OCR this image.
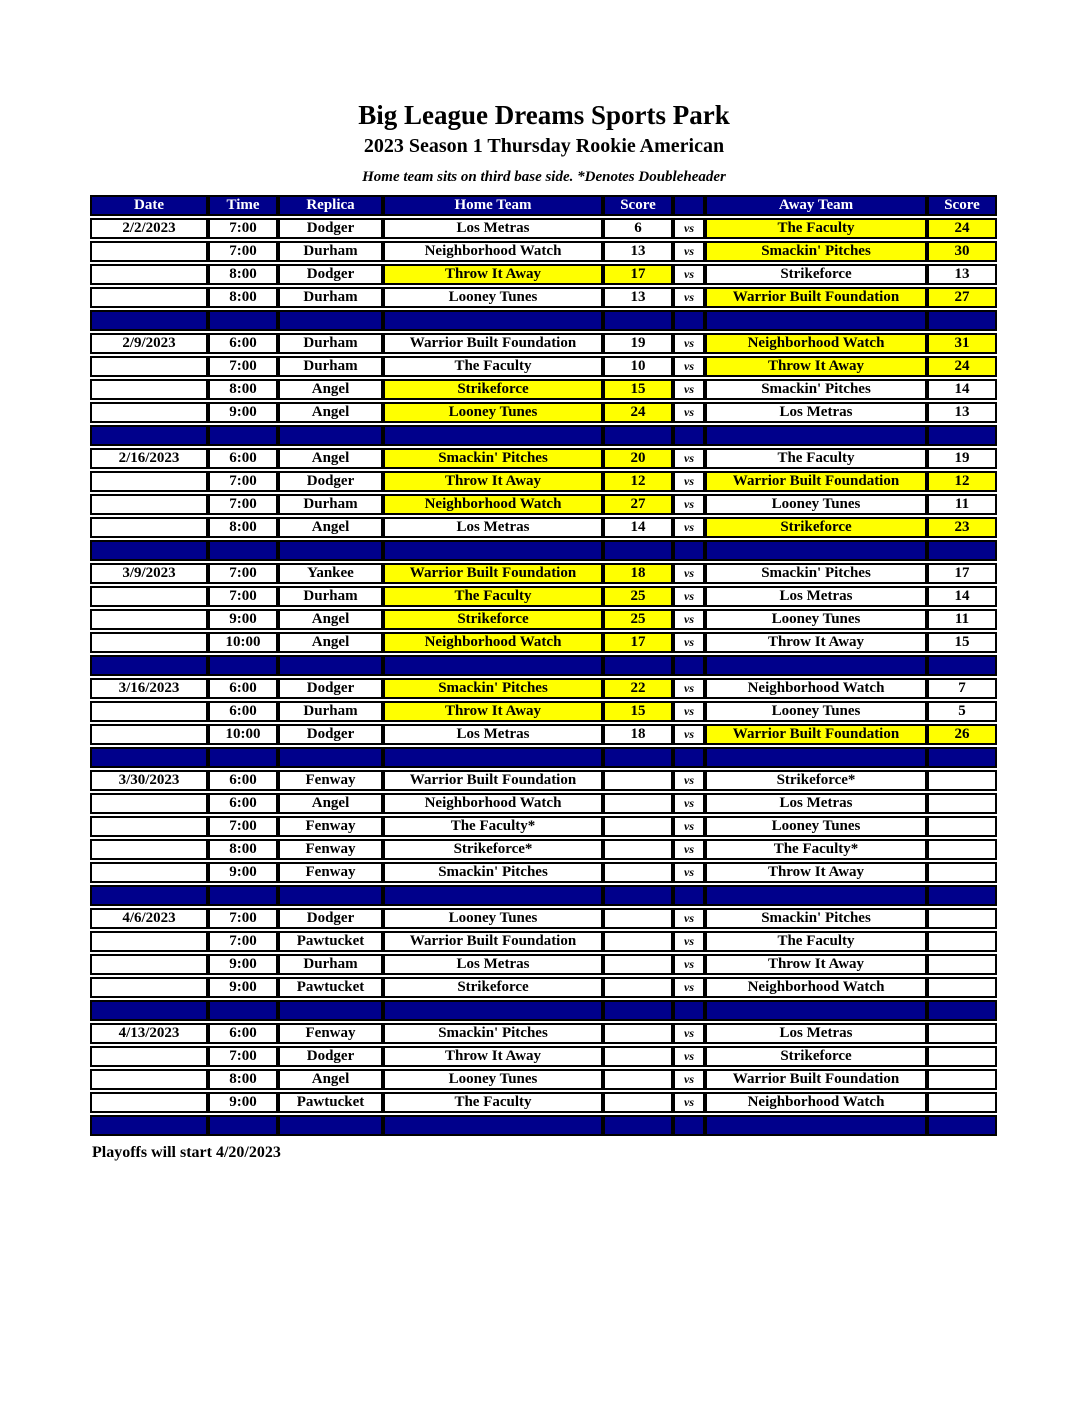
Big League Dreams Sports Park
2023 Season 1 Thursday Rookie American
Home team sits on third base side. *Denotes Doubleheader
Date	Time	Replica	Home Team	Score		Away Team	Score
2/2/2023	7:00	Dodger	Los Metras	6	vs	The Faculty	24
	7:00	Durham	Neighborhood Watch	13	vs	Smackin' Pitches	30
	8:00	Dodger	Throw It Away	17	vs	Strikeforce	13
	8:00	Durham	Looney Tunes	13	vs	Warrior Built Foundation	27

2/9/2023	6:00	Durham	Warrior Built Foundation	19	vs	Neighborhood Watch	31
	7:00	Durham	The Faculty	10	vs	Throw It Away	24
	8:00	Angel	Strikeforce	15	vs	Smackin' Pitches	14
	9:00	Angel	Looney Tunes	24	vs	Los Metras	13

2/16/2023	6:00	Angel	Smackin' Pitches	20	vs	The Faculty	19
	7:00	Dodger	Throw It Away	12	vs	Warrior Built Foundation	12
	7:00	Durham	Neighborhood Watch	27	vs	Looney Tunes	11
	8:00	Angel	Los Metras	14	vs	Strikeforce	23

3/9/2023	7:00	Yankee	Warrior Built Foundation	18	vs	Smackin' Pitches	17
	7:00	Durham	The Faculty	25	vs	Los Metras	14
	9:00	Angel	Strikeforce	25	vs	Looney Tunes	11
	10:00	Angel	Neighborhood Watch	17	vs	Throw It Away	15

3/16/2023	6:00	Dodger	Smackin' Pitches	22	vs	Neighborhood Watch	7
	6:00	Durham	Throw It Away	15	vs	Looney Tunes	5
	10:00	Dodger	Los Metras	18	vs	Warrior Built Foundation	26

3/30/2023	6:00	Fenway	Warrior Built Foundation		vs	Strikeforce*	
	6:00	Angel	Neighborhood Watch		vs	Los Metras	
	7:00	Fenway	The Faculty*		vs	Looney Tunes	
	8:00	Fenway	Strikeforce*		vs	The Faculty*	
	9:00	Fenway	Smackin' Pitches		vs	Throw It Away	

4/6/2023	7:00	Dodger	Looney Tunes		vs	Smackin' Pitches	
	7:00	Pawtucket	Warrior Built Foundation		vs	The Faculty	
	9:00	Durham	Los Metras		vs	Throw It Away	
	9:00	Pawtucket	Strikeforce		vs	Neighborhood Watch	

4/13/2023	6:00	Fenway	Smackin' Pitches		vs	Los Metras	
	7:00	Dodger	Throw It Away		vs	Strikeforce	
	8:00	Angel	Looney Tunes		vs	Warrior Built Foundation	
	9:00	Pawtucket	The Faculty		vs	Neighborhood Watch	

Playoffs will start 4/20/2023
